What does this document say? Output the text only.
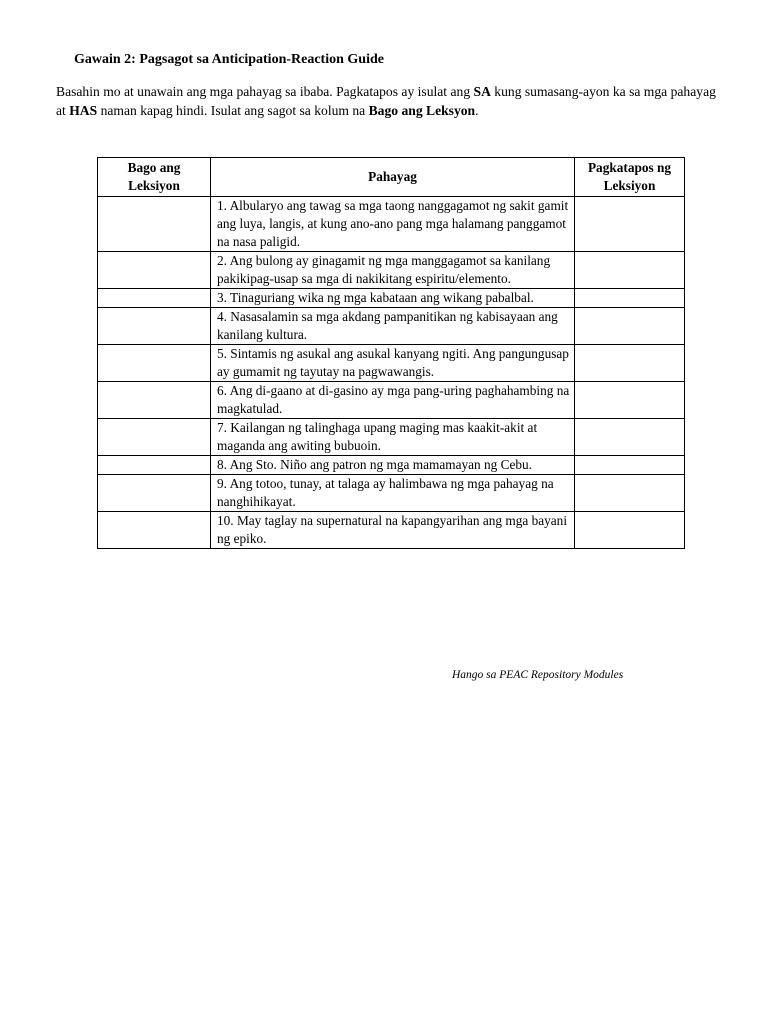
Gawain 2: Pagsagot sa Anticipation-Reaction Guide
Basahin mo at unawain ang mga pahayag sa ibaba. Pagkatapos ay isulat ang SA kung sumasang-ayon ka sa mga pahayag at HAS naman kapag hindi. Isulat ang sagot sa kolum na Bago ang Leksyon.
Bago ang Leksiyon	Pahayag	Pagkatapos ng Leksiyon
	1. Albularyo ang tawag sa mga taong nanggagamot ng sakit gamit ang luya, langis, at kung ano-ano pang mga halamang panggamot na nasa paligid.	
	2. Ang bulong ay ginagamit ng mga manggagamot sa kanilang pakikipag-usap sa mga di nakikitang espiritu/elemento.	
	3. Tinaguriang wika ng mga kabataan ang wikang pabalbal.	
	4. Nasasalamin sa mga akdang pampanitikan ng kabisayaan ang kanilang kultura.	
	5. Sintamis ng asukal ang asukal kanyang ngiti. Ang pangungusap ay gumamit ng tayutay na pagwawangis.	
	6. Ang di-gaano at di-gasino ay mga pang-uring paghahambing na magkatulad.	
	7. Kailangan ng talinghaga upang maging mas kaakit-akit at maganda ang awiting bubuoin.	
	8. Ang Sto. Niño ang patron ng mga mamamayan ng Cebu.	
	9. Ang totoo, tunay, at talaga ay halimbawa ng mga pahayag na nanghihikayat.	
	10. May taglay na supernatural na kapangyarihan ang mga bayani ng epiko.	
Hango sa PEAC Repository Modules
